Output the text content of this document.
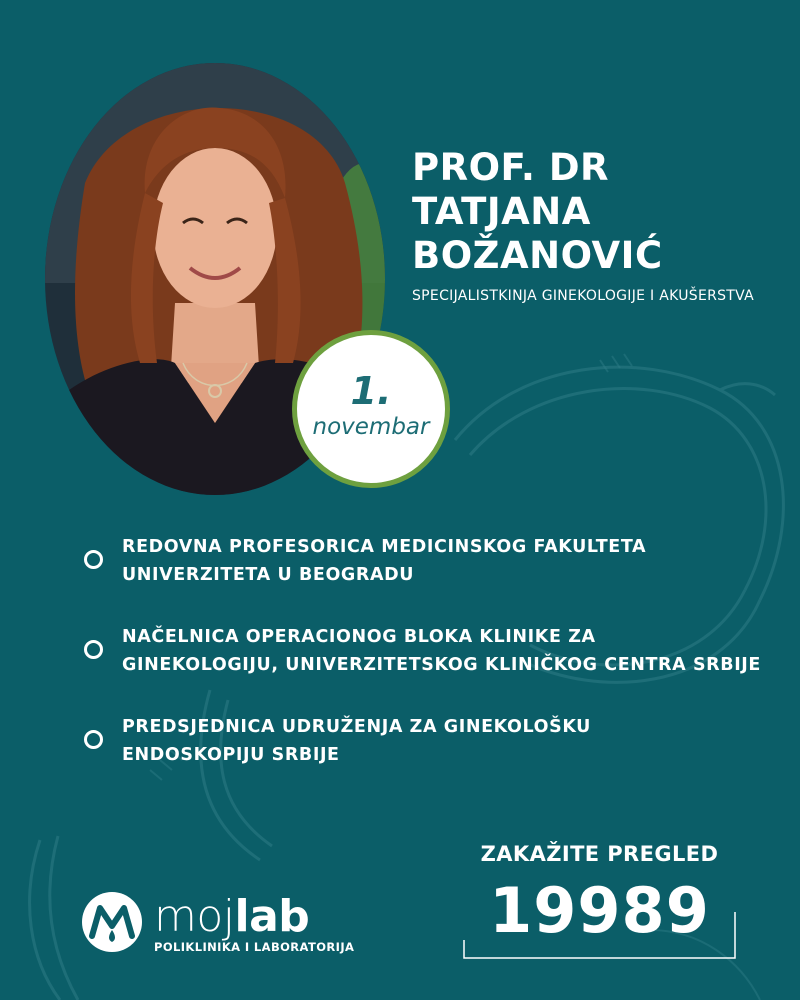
1.
novembar
PROF. DR
TATJANA
BOŽANOVIĆ
SPECIJALISTKINJA GINEKOLOGIJE I AKUŠERSTVA
REDOVNA PROFESORICA MEDICINSKOG FAKULTETA
UNIVERZITETA U BEOGRADU
NAČELNICA OPERACIONOG BLOKA KLINIKE ZA
GINEKOLOGIJU, UNIVERZITETSKOG KLINIČKOG CENTRA SRBIJE
PREDSJEDNICA UDRUŽENJA ZA GINEKOLOŠKU
ENDOSKOPIJU SRBIJE
mojlab
POLIKLINIKA I LABORATORIJA
ZAKAŽITE PREGLED
19989
